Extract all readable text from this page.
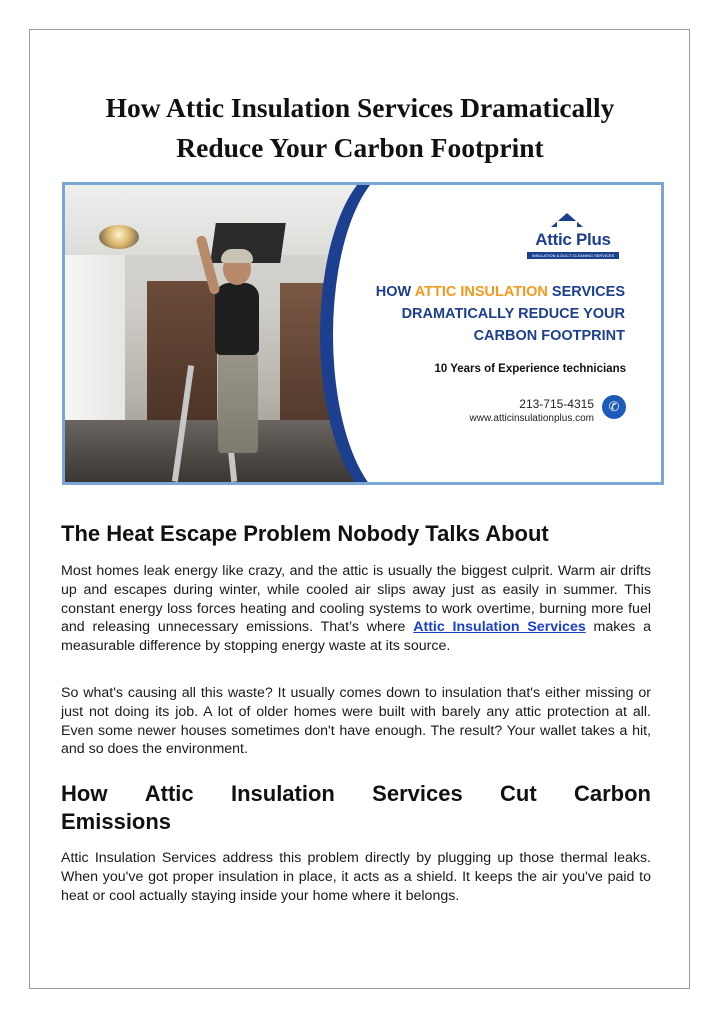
How Attic Insulation Services Dramatically
Reduce Your Carbon Footprint
Attic Plus
INSULATION & DUCT CLEANING SERVICES
HOW ATTIC INSULATION SERVICES
DRAMATICALLY REDUCE YOUR
CARBON FOOTPRINT
10 Years of Experience technicians
213-715-4315
www.atticinsulationplus.com
✆
The Heat Escape Problem Nobody Talks About
Most homes leak energy like crazy, and the attic is usually the biggest culprit. Warm air drifts up and escapes during winter, while cooled air slips away just as easily in summer. This constant energy loss forces heating and cooling systems to work overtime, burning more fuel and releasing unnecessary emissions. That’s where Attic Insulation Services makes a measurable difference by stopping energy waste at its source.
So what's causing all this waste? It usually comes down to insulation that's either missing or just not doing its job. A lot of older homes were built with barely any attic protection at all. Even some newer houses sometimes don't have enough. The result? Your wallet takes a hit, and so does the environment.
How Attic Insulation Services Cut Carbon
Emissions
Attic Insulation Services address this problem directly by plugging up those thermal leaks. When you've got proper insulation in place, it acts as a shield. It keeps the air you've paid to heat or cool actually staying inside your home where it belongs.
